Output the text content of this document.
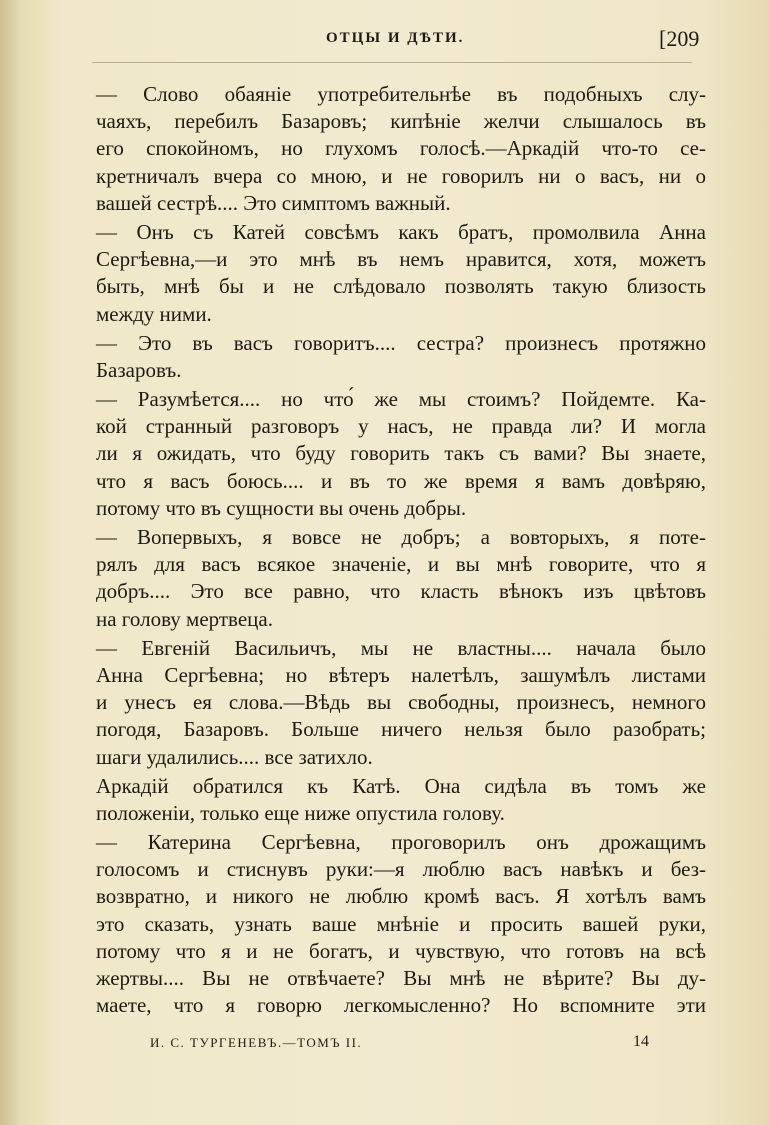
ОТЦЫ И ДѢТИ.	[209
— Слово обаяніе употребительнѣе въ подобныхъ слу-
чаяхъ, перебилъ Базаровъ; кипѣніе желчи слышалось въ
его спокойномъ, но глухомъ голосѣ.—Аркадій что-то се-
кретничалъ вчера со мною, и не говорилъ ни о васъ, ни о
вашей сестрѣ.... Это симптомъ важный.
— Онъ съ Катей совсѣмъ какъ братъ, промолвила Анна
Сергѣевна,—и это мнѣ въ немъ нравится, хотя, можетъ
быть, мнѣ бы и не слѣдовало позволять такую близость
между ними.
— Это въ васъ говоритъ.... сестра? произнесъ протяжно
Базаровъ.
— Разумѣется.... но что́ же мы стоимъ? Пойдемте. Ка-
кой странный разговоръ у насъ, не правда ли? И могла
ли я ожидать, что буду говорить такъ съ вами? Вы знаете,
что я васъ боюсь.... и въ то же время я вамъ довѣряю,
потому что въ сущности вы очень добры.
— Вопервыхъ, я вовсе не добръ; а вовторыхъ, я поте-
рялъ для васъ всякое значеніе, и вы мнѣ говорите, что я
добръ.... Это все равно, что класть вѣнокъ изъ цвѣтовъ
на голову мертвеца.
— Евгеній Васильичъ, мы не властны.... начала было
Анна Сергѣевна; но вѣтеръ налетѣлъ, зашумѣлъ листами
и унесъ ея слова.—Вѣдь вы свободны, произнесъ, немного
погодя, Базаровъ. Больше ничего нельзя было разобрать;
шаги удалились.... все затихло.
Аркадій обратился къ Катѣ. Она сидѣла въ томъ же
положеніи, только еще ниже опустила голову.
— Катерина Сергѣевна, проговорилъ онъ дрожащимъ
голосомъ и стиснувъ руки:—я люблю васъ навѣкъ и без-
возвратно, и никого не люблю кромѣ васъ. Я хотѣлъ вамъ
это сказать, узнать ваше мнѣніе и просить вашей руки,
потому что я и не богатъ, и чувствую, что готовъ на всѣ
жертвы.... Вы не отвѣчаете? Вы мнѣ не вѣрите? Вы ду-
маете, что я говорю легкомысленно? Но вспомните эти
И. С. ТУРГЕНЕВЪ.—ТОМЪ II.	14
